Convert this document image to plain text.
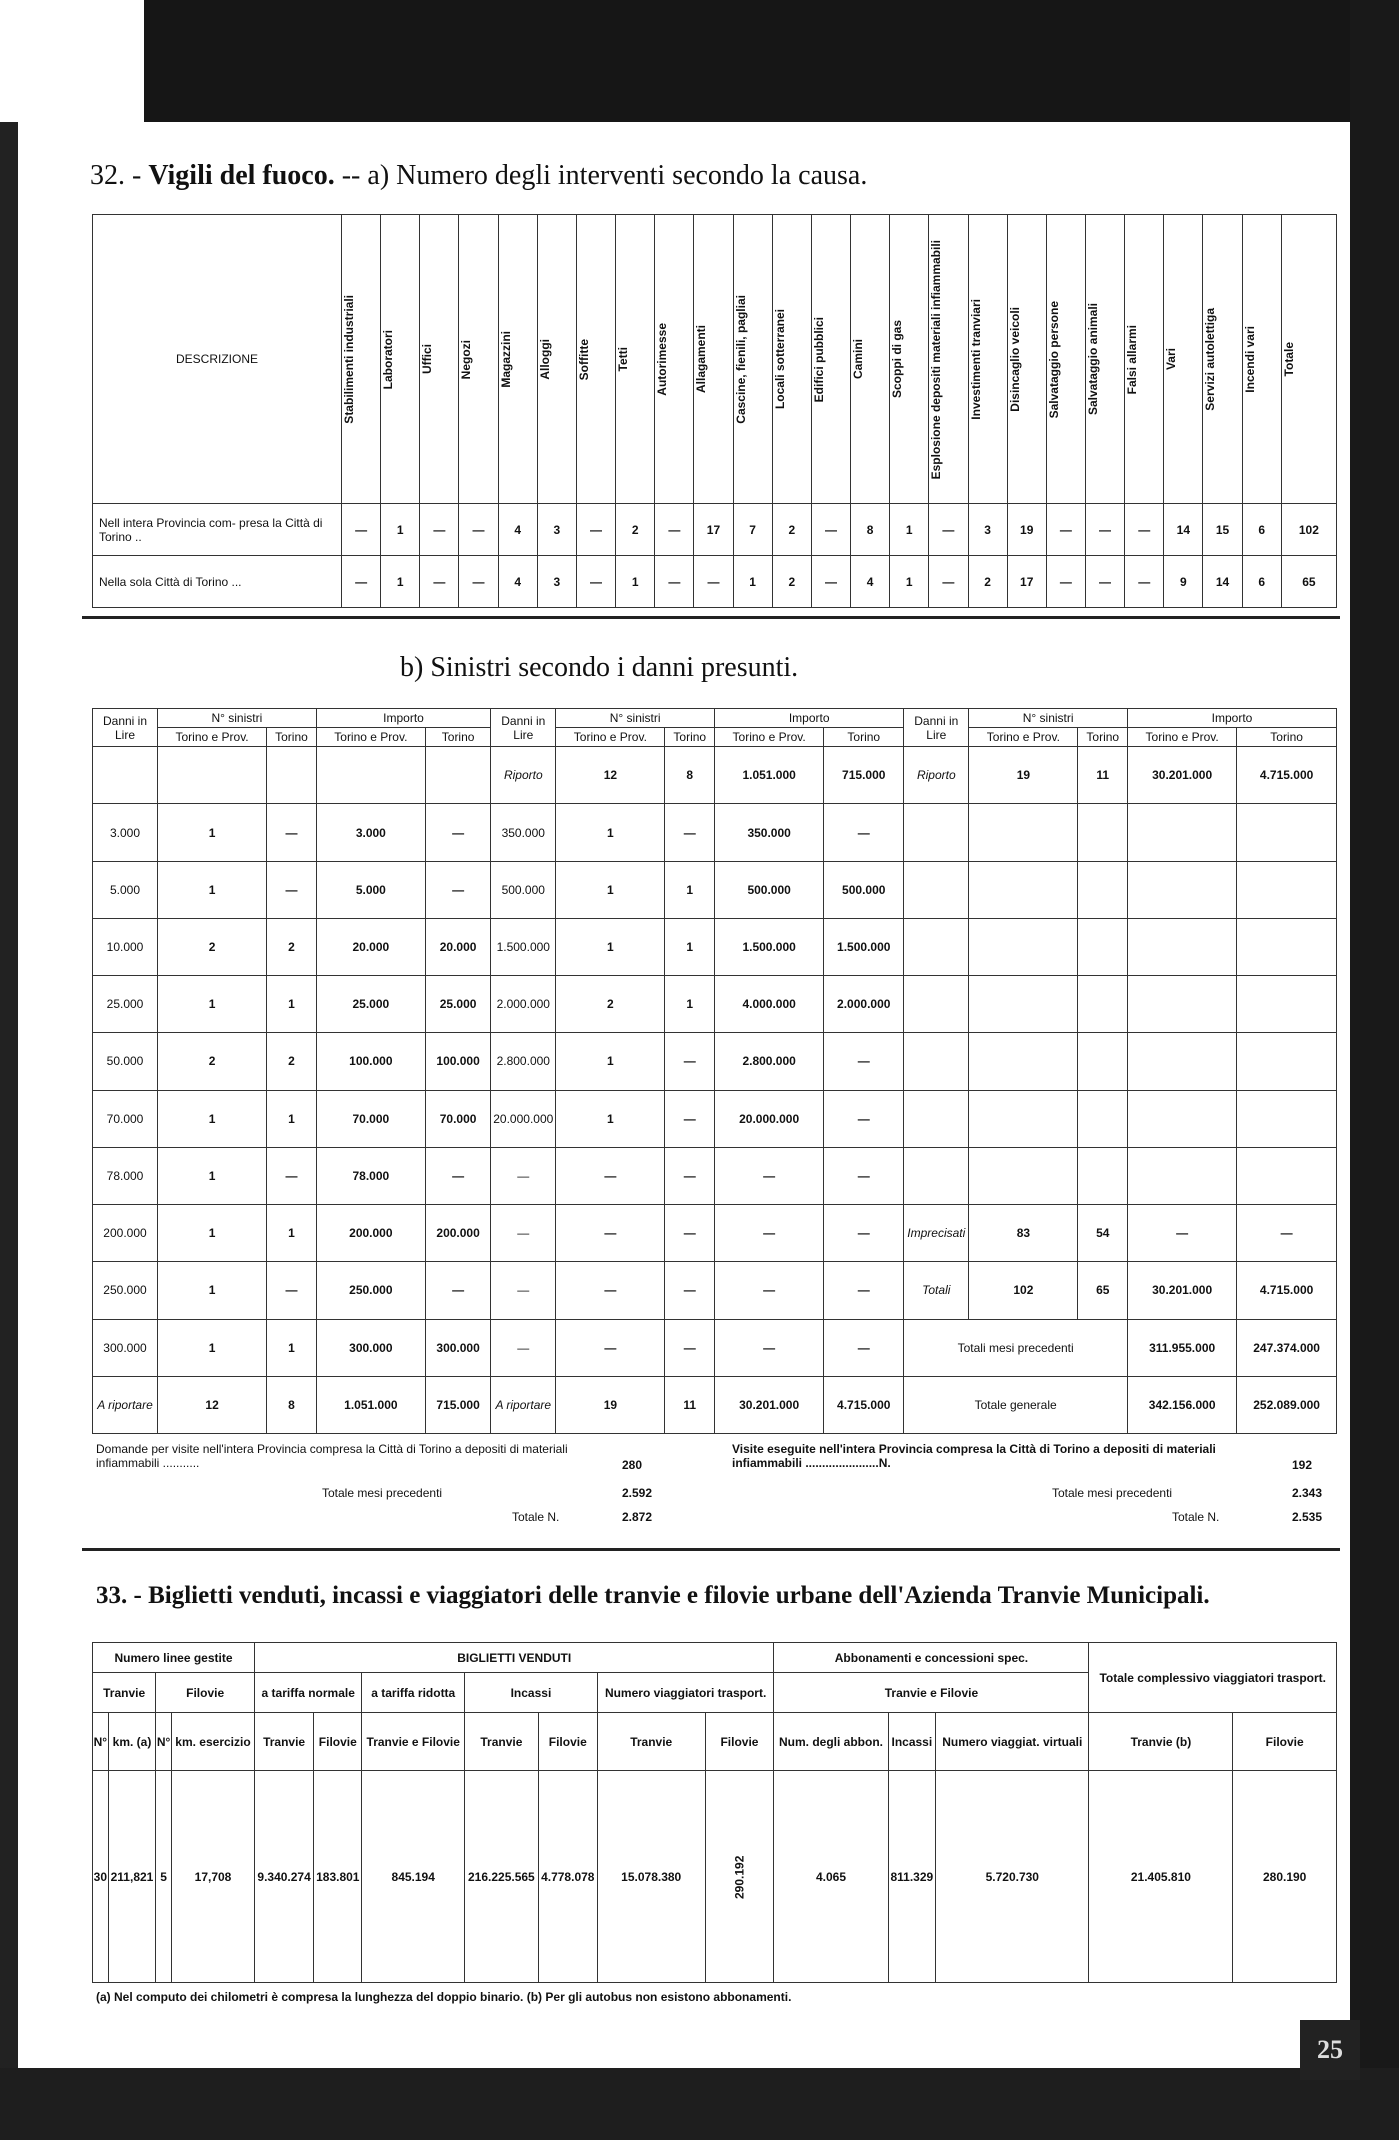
25
32. - Vigili del fuoco. -- a) Numero degli interventi secondo la causa.
DESCRIZIONE	Stabilimenti industriali	Laboratori	Uffici	Negozi	Magazzini	Alloggi	Soffitte	Tetti	Autorimesse	Allagamenti	Cascine, fienili, pagliai	Locali sotterranei	Edifici pubblici	Camini	Scoppi di gas	Esplosione depositi materiali infiammabili	Investimenti tranviari	Disincaglio veicoli	Salvataggio persone	Salvataggio animali	Falsi allarmi	Vari	Servizi autolettiga	Incendi vari	Totale

Nell intera Provincia com- presa la Città di Torino ..	—	1	—	—	4	3	—	2	—	17	7	2	—	8	1	—	3	19	—	—	—	14	15	6	102
Nella sola Città di Torino ...	—	1	—	—	4	3	—	1	—	—	1	2	—	4	1	—	2	17	—	—	—	9	14	6	65
b) Sinistri secondo i danni presunti.
Danni in Lire	N° sinistri		Importo		Danni in Lire	N° sinistri		Importo		Danni in Lire	N° sinistri		Importo	
	Torino e Prov.	Torino	Torino e Prov.	Torino		Torino e Prov.	Torino	Torino e Prov.	Torino		Torino e Prov.	Torino	Torino e Prov.	Torino
					Riporto	12	8	1.051.000	715.000	Riporto	19	11	30.201.000	4.715.000
3.000	1	—	3.000	—	350.000	1	—	350.000	—					
5.000	1	—	5.000	—	500.000	1	1	500.000	500.000					
10.000	2	2	20.000	20.000	1.500.000	1	1	1.500.000	1.500.000					
25.000	1	1	25.000	25.000	2.000.000	2	1	4.000.000	2.000.000					
50.000	2	2	100.000	100.000	2.800.000	1	—	2.800.000	—					
70.000	1	1	70.000	70.000	20.000.000	1	—	20.000.000	—					
78.000	1	—	78.000	—	—	—	—	—	—					
200.000	1	1	200.000	200.000	—	—	—	—	—	Imprecisati	83	54	—	—
250.000	1	—	250.000	—	—	—	—	—	—	Totali	102	65	30.201.000	4.715.000
300.000	1	1	300.000	300.000	—	—	—	—	—	Totali mesi precedenti			311.955.000	247.374.000
A riportare	12	8	1.051.000	715.000	A riportare	19	11	30.201.000	4.715.000	Totale generale			342.156.000	252.089.000
Domande per visite nell'intera Provincia compresa la Città di Torino a depositi di materiali infiammabili ...........	280
Totale mesi precedenti	2.592
Totale N.	2.872
Visite eseguite nell'intera Provincia compresa la Città di Torino a depositi di materiali infiammabili ......................N.	192
Totale mesi precedenti	2.343
Totale N.	2.535
33. - Biglietti venduti, incassi e viaggiatori delle tranvie e filovie urbane dell'Azienda Tranvie Municipali.
Numero linee gestite				BIGLIETTI VENDUTI							Abbonamenti e concessioni spec.			Totale complessivo viaggiatori trasport.	
Tranvie		Filovie		a tariffa normale		a tariffa ridotta	Incassi		Numero viaggiatori trasport.		Tranvie e Filovie				
N°	km. (a)	N°	km. esercizio	Tranvie	Filovie	Tranvie e Filovie	Tranvie	Filovie	Tranvie	Filovie	Num. degli abbon.	Incassi	Numero viaggiat. virtuali	Tranvie (b)	Filovie
30	211,821	5	17,708	9.340.274	183.801	845.194	216.225.565	4.778.078	15.078.380	290.192	4.065	811.329	5.720.730	21.405.810	280.190
(a) Nel computo dei chilometri è compresa la lunghezza del doppio binario. (b) Per gli autobus non esistono abbonamenti.
